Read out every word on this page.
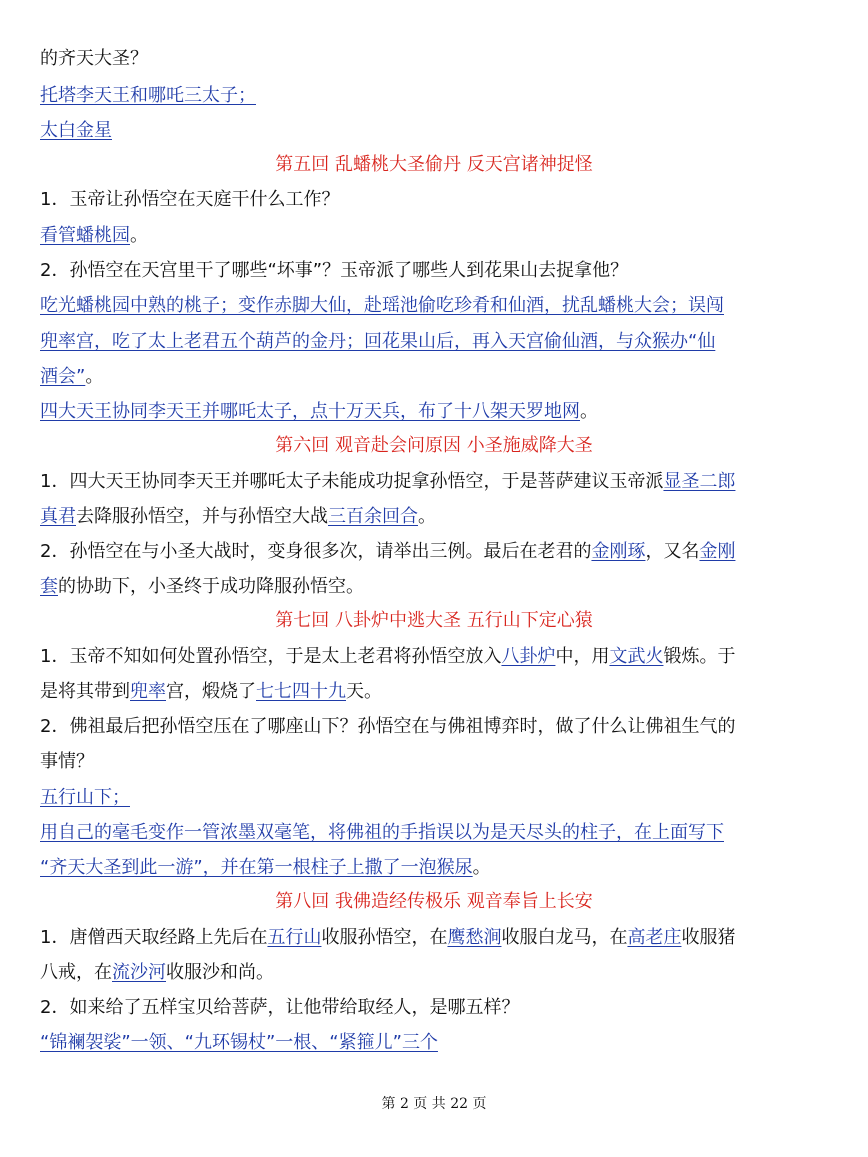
的齐天大圣？
托塔李天王和哪吒三太子；
太白金星
第五回 乱蟠桃大圣偷丹 反天宫诸神捉怪
1．玉帝让孙悟空在天庭干什么工作？
看管蟠桃园。
2．孙悟空在天宫里干了哪些“坏事”？玉帝派了哪些人到花果山去捉拿他？
吃光蟠桃园中熟的桃子；变作赤脚大仙，赴瑶池偷吃珍肴和仙酒，扰乱蟠桃大会；误闯
兜率宫，吃了太上老君五个葫芦的金丹；回花果山后，再入天宫偷仙酒，与众猴办“仙
酒会”。
四大天王协同李天王并哪吒太子，点十万天兵，布了十八架天罗地网。
第六回 观音赴会问原因 小圣施威降大圣
1．四大天王协同李天王并哪吒太子未能成功捉拿孙悟空，于是菩萨建议玉帝派显圣二郎
真君去降服孙悟空，并与孙悟空大战三百余回合。
2．孙悟空在与小圣大战时，变身很多次，请举出三例。最后在老君的金刚琢，又名金刚
套的协助下，小圣终于成功降服孙悟空。
第七回 八卦炉中逃大圣 五行山下定心猿
1．玉帝不知如何处置孙悟空，于是太上老君将孙悟空放入八卦炉中，用文武火锻炼。于
是将其带到兜率宫，煅烧了七七四十九天。
2．佛祖最后把孙悟空压在了哪座山下？孙悟空在与佛祖博弈时，做了什么让佛祖生气的
事情？
五行山下；
用自己的毫毛变作一管浓墨双毫笔，将佛祖的手指误以为是天尽头的柱子，在上面写下
“齐天大圣到此一游”，并在第一根柱子上撒了一泡猴尿。
第八回 我佛造经传极乐 观音奉旨上长安
1．唐僧西天取经路上先后在五行山收服孙悟空，在鹰愁涧收服白龙马，在高老庄收服猪
八戒，在流沙河收服沙和尚。
2．如来给了五样宝贝给菩萨，让他带给取经人，是哪五样？
“锦襕袈裟”一领、“九环锡杖”一根、“紧箍儿”三个
第 2 页 共 22 页
